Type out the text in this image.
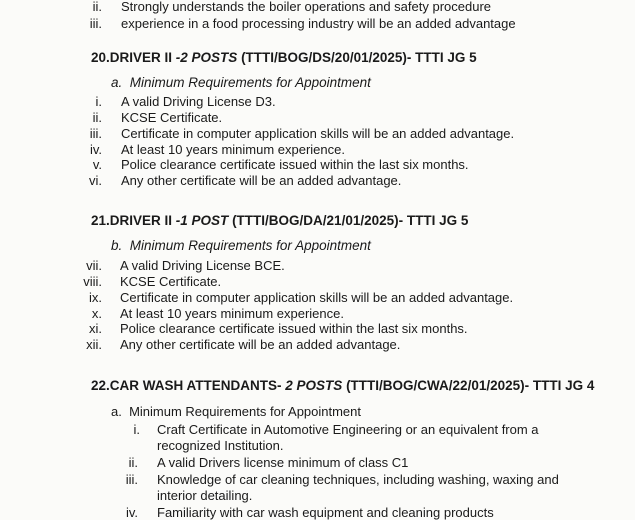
ii. Strongly understands the boiler operations and safety procedure
iii. experience in a food processing industry will be an added advantage
20.DRIVER II -2 POSTS (TTTI/BOG/DS/20/01/2025)- TTTI JG 5
a. Minimum Requirements for Appointment
i. A valid Driving License D3.
ii. KCSE Certificate.
iii. Certificate in computer application skills will be an added advantage.
iv. At least 10 years minimum experience.
v. Police clearance certificate issued within the last six months.
vi. Any other certificate will be an added advantage.
21.DRIVER II -1 POST (TTTI/BOG/DA/21/01/2025)- TTTI JG 5
b. Minimum Requirements for Appointment
vii. A valid Driving License BCE.
viii. KCSE Certificate.
ix. Certificate in computer application skills will be an added advantage.
x. At least 10 years minimum experience.
xi. Police clearance certificate issued within the last six months.
xii. Any other certificate will be an added advantage.
22.CAR WASH ATTENDANTS- 2 POSTS (TTTI/BOG/CWA/22/01/2025)- TTTI JG 4
a. Minimum Requirements for Appointment
i. Craft Certificate in Automotive Engineering or an equivalent from a
recognized Institution.
ii. A valid Drivers license minimum of class C1
iii. Knowledge of car cleaning techniques, including washing, waxing and
interior detailing.
iv. Familiarity with car wash equipment and cleaning products
